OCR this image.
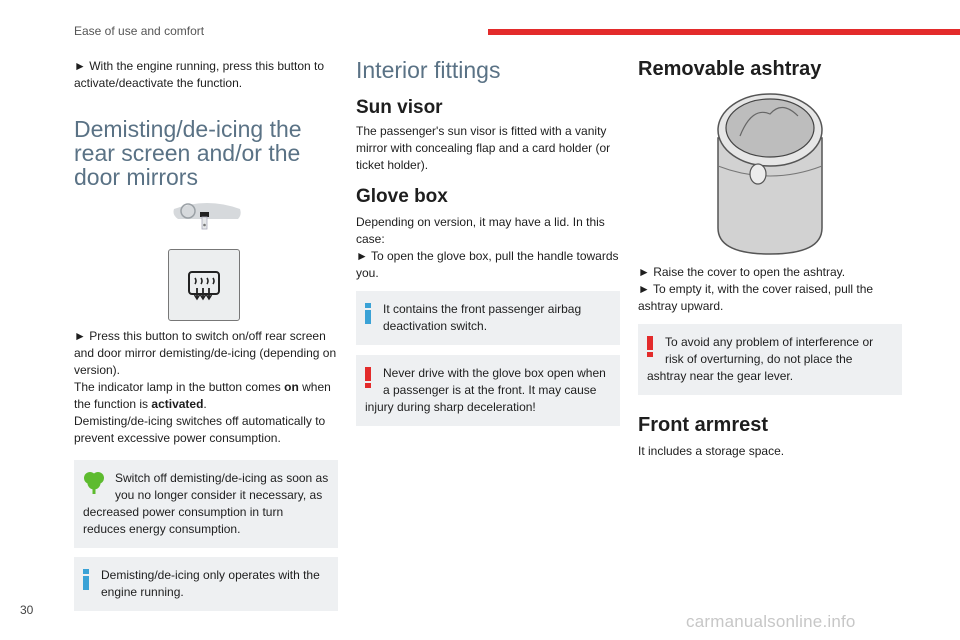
Ease of use and comfort

► With the engine running, press this button to activate/deactivate the function.

Demisting/de-icing the rear screen and/or the door mirrors

► Press this button to switch on/off rear screen and door mirror demisting/de-icing (depending on version).

The indicator lamp in the button comes on when the function is activated.

Demisting/de-icing switches off automatically to prevent excessive power consumption.

Switch off demisting/de-icing as soon as you no longer consider it necessary, as decreased power consumption in turn reduces energy consumption.

Demisting/de-icing only operates with the engine running.

Interior fittings
Sun visor

The passenger's sun visor is fitted with a vanity mirror with concealing flap and a card holder (or ticket holder).

Glove box

Depending on version, it may have a lid. In this case:

► To open the glove box, pull the handle towards you.

It contains the front passenger airbag deactivation switch.

Never drive with the glove box open when a passenger is at the front. It may cause injury during sharp deceleration!

Removable ashtray

► Raise the cover to open the ashtray.

► To empty it, with the cover raised, pull the ashtray upward.

To avoid any problem of interference or risk of overturning, do not place the ashtray near the gear lever.

Front armrest

It includes a storage space.

30
carmanualsonline.info
